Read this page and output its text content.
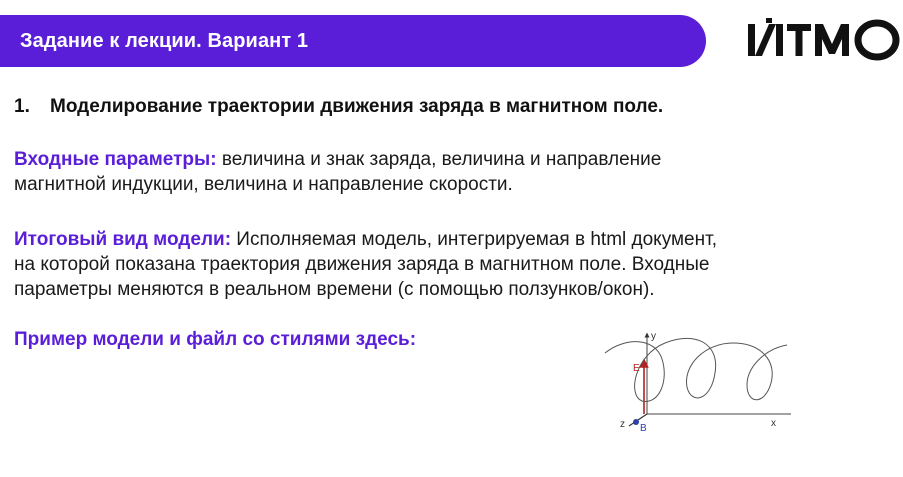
Задание к лекции. Вариант 1
1. Моделирование траектории движения заряда в магнитном поле.
Входные параметры: величина и знак заряда, величина и направление
магнитной индукции, величина и направление скорости.
Итоговый вид модели: Исполняемая модель, интегрируемая в html документ,
на которой показана траектория движения заряда в магнитном поле. Входные
параметры меняются в реальном времени (с помощью ползунков/окон).
Пример модели и файл со стилями здесь:	y
x
z
E
B
